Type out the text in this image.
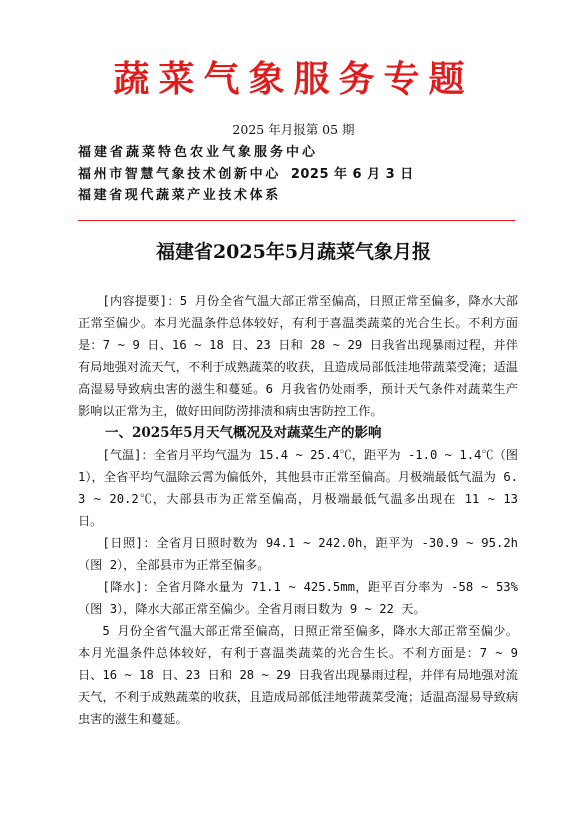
蔬菜气象服务专题
2025 年月报第 05 期
福建省蔬菜特色农业气象服务中心
福州市智慧气象技术创新中心 2025 年 6 月 3 日
福建省现代蔬菜产业技术体系
福建省2025年5月蔬菜气象月报

[内容提要]：5 月份全省气温大部正常至偏高，日照正常至偏多，降水大部正常至偏少。本月光温条件总体较好，有利于喜温类蔬菜的光合生长。不利方面是：7 ~ 9 日、16 ~ 18 日、23 日和 28 ~ 29 日我省出现暴雨过程，并伴有局地强对流天气，不利于成熟蔬菜的收获，且造成局部低洼地带蔬菜受淹；适温高湿易导致病虫害的滋生和蔓延。6 月我省仍处雨季，预计天气条件对蔬菜生产影响以正常为主，做好田间防涝排渍和病虫害防控工作。

一、2025年5月天气概况及对蔬菜生产的影响

[气温]：全省月平均气温为 15.4 ~ 25.4℃，距平为 -1.0 ~ 1.4℃（图 1），全省平均气温除云霄为偏低外，其他县市正常至偏高。月极端最低气温为 6.3 ~ 20.2℃，大部县市为正常至偏高，月极端最低气温多出现在 11 ~ 13 日。

[日照]：全省月日照时数为 94.1 ~ 242.0h，距平为 -30.9 ~ 95.2h（图 2），全部县市为正常至偏多。

[降水]：全省月降水量为 71.1 ~ 425.5mm，距平百分率为 -58 ~ 53%（图 3），降水大部正常至偏少。全省月雨日数为 9 ~ 22 天。

5 月份全省气温大部正常至偏高，日照正常至偏多，降水大部正常至偏少。本月光温条件总体较好，有利于喜温类蔬菜的光合生长。不利方面是：7 ~ 9 日、16 ~ 18 日、23 日和 28 ~ 29 日我省出现暴雨过程，并伴有局地强对流天气，不利于成熟蔬菜的收获，且造成局部低洼地带蔬菜受淹；适温高湿易导致病虫害的滋生和蔓延。
